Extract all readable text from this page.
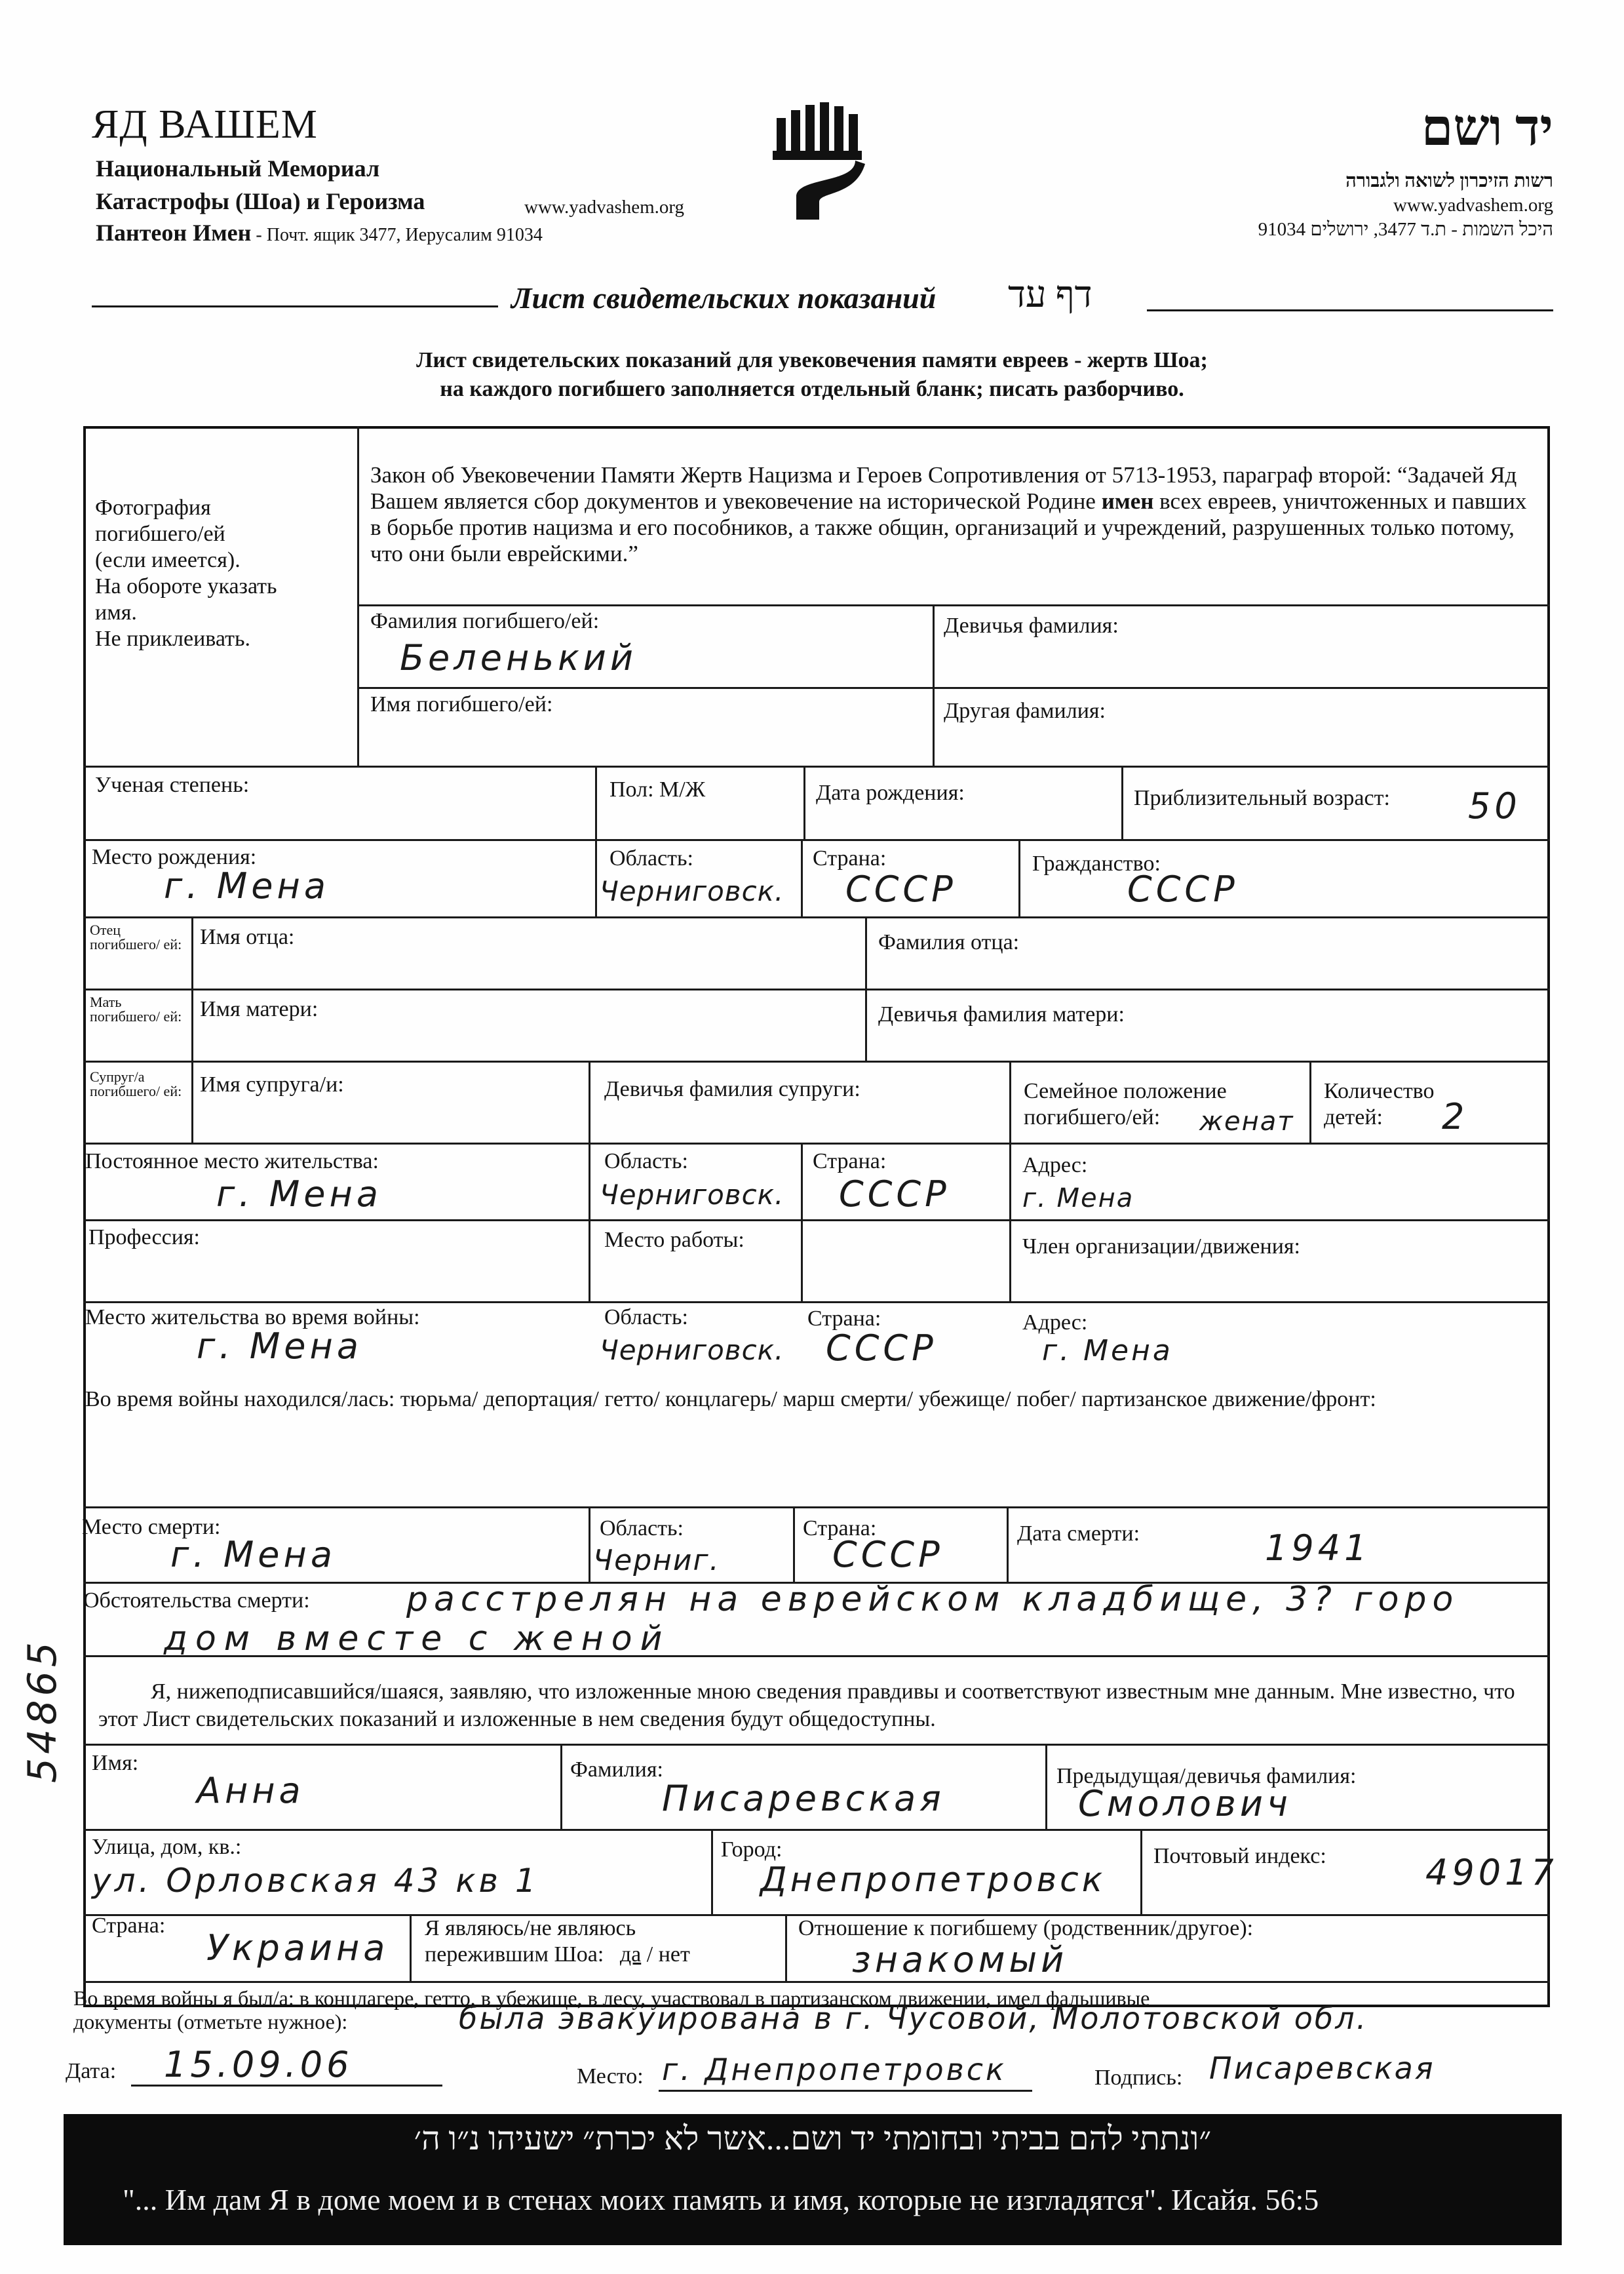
ЯД ВАШЕМ
Национальный Мемориал
Катастрофы (Шоа) и Героизма
Пантеон Имен - Почт. ящик 3477, Иерусалим 91034
www.yadvashem.org
יד ושם
רשות הזיכרון לשואה ולגבורה
www.yadvashem.org
היכל השמות - ת.ד 3477, ירושלים 91034
Лист свидетельских показаний דף עד
Лист свидетельских показаний для увековечения памяти евреев - жертв Шоа;
на каждого погибшего заполняется отдельный бланк; писать разборчиво.
Фотография
погибшего/ей
(если имеется).
На обороте указать
имя.
Не приклеивать.
Закон об Увековечении Памяти Жертв Нацизма и Героев Сопротивления от 5713-1953, параграф второй: “Задачей Яд Вашем является сбор документов и увековечение на исторической Родине имен всех евреев, уничтоженных и павших в борьбе против нацизма и его пособников, а также общин, организаций и учреждений, разрушенных только потому, что они были еврейскими.”
Фамилия погибшего/ей:
Беленький
Девичья фамилия:
Имя погибшего/ей:	Другая фамилия:
Ученая степень:	Пол: М/Ж	Дата рождения:	Приблизительный возраст: 50
Место рождения:
г. Мена
Область:
Черниговск.
Страна:
СССР
Гражданство:
СССР
Отец погибшего/ ей: Имя отца:	Фамилия отца:
Мать погибшего/ ей: Имя матери:	Девичья фамилия матери:
Супруг/а погибшего/ ей: Имя супруга/и:	Девичья фамилия супруги:	Семейное положение
погибшего/ей: женат
Количество
детей: 2
Постоянное место жительства:
г. Мена
Область:
Черниговск.
Страна:
СССР
Адрес:
г. Мена
Профессия:	Место работы:	Член организации/движения:
Место жительства во время войны:
г. Мена
Область:
Черниговск.
Страна:
СССР
Адрес:
г. Мена
Во время войны находился/лась: тюрьма/ депортация/ гетто/ концлагерь/ марш смерти/ убежище/ побег/ партизанское движение/фронт:
Место смерти:
г. Мена
Область:
Черниг.
Страна:
СССР
Дата смерти:	1941
Обстоятельства смерти:	расстрелян на еврейском кладбище, 3? горо
дом вместе с женой
Я, нижеподписавшийся/шаяся, заявляю, что изложенные мною сведения правдивы и соответствуют известным мне данным. Мне известно, что этот Лист свидетельских показаний и изложенные в нем сведения будут общедоступны.
Имя:
Анна
Фамилия:
Писаревская
Предыдущая/девичья фамилия:
Смолович
Улица, дом, кв.:
ул. Орловская 43 кв 1
Город:
Днепропетровск
Почтовый индекс:	49017
Страна:
Украина Я являюсь/не являюсь
пережившим Шоа: да / нет
Отношение к погибшему (родственник/другое):
знакомый
Во время войны я был/а: в концлагере, гетто, в убежище, в лесу, участвовал в партизанском движении, имел фальшивые
документы (отметьте нужное):	была эвакуирована в г. Чусовой, Молотовской обл.
Дата: 15.09.06	Место: г. Днепропетровск	Подпись: Писаревская
״ונתתי להם בביתי ובחומתי יד ושם...אשר לא יכרת״ ישעיהו נ״ו ה׳
"... Им дам Я в доме моем и в стенах моих память и имя, которые не изгладятся". Исайя. 56:5
54865
